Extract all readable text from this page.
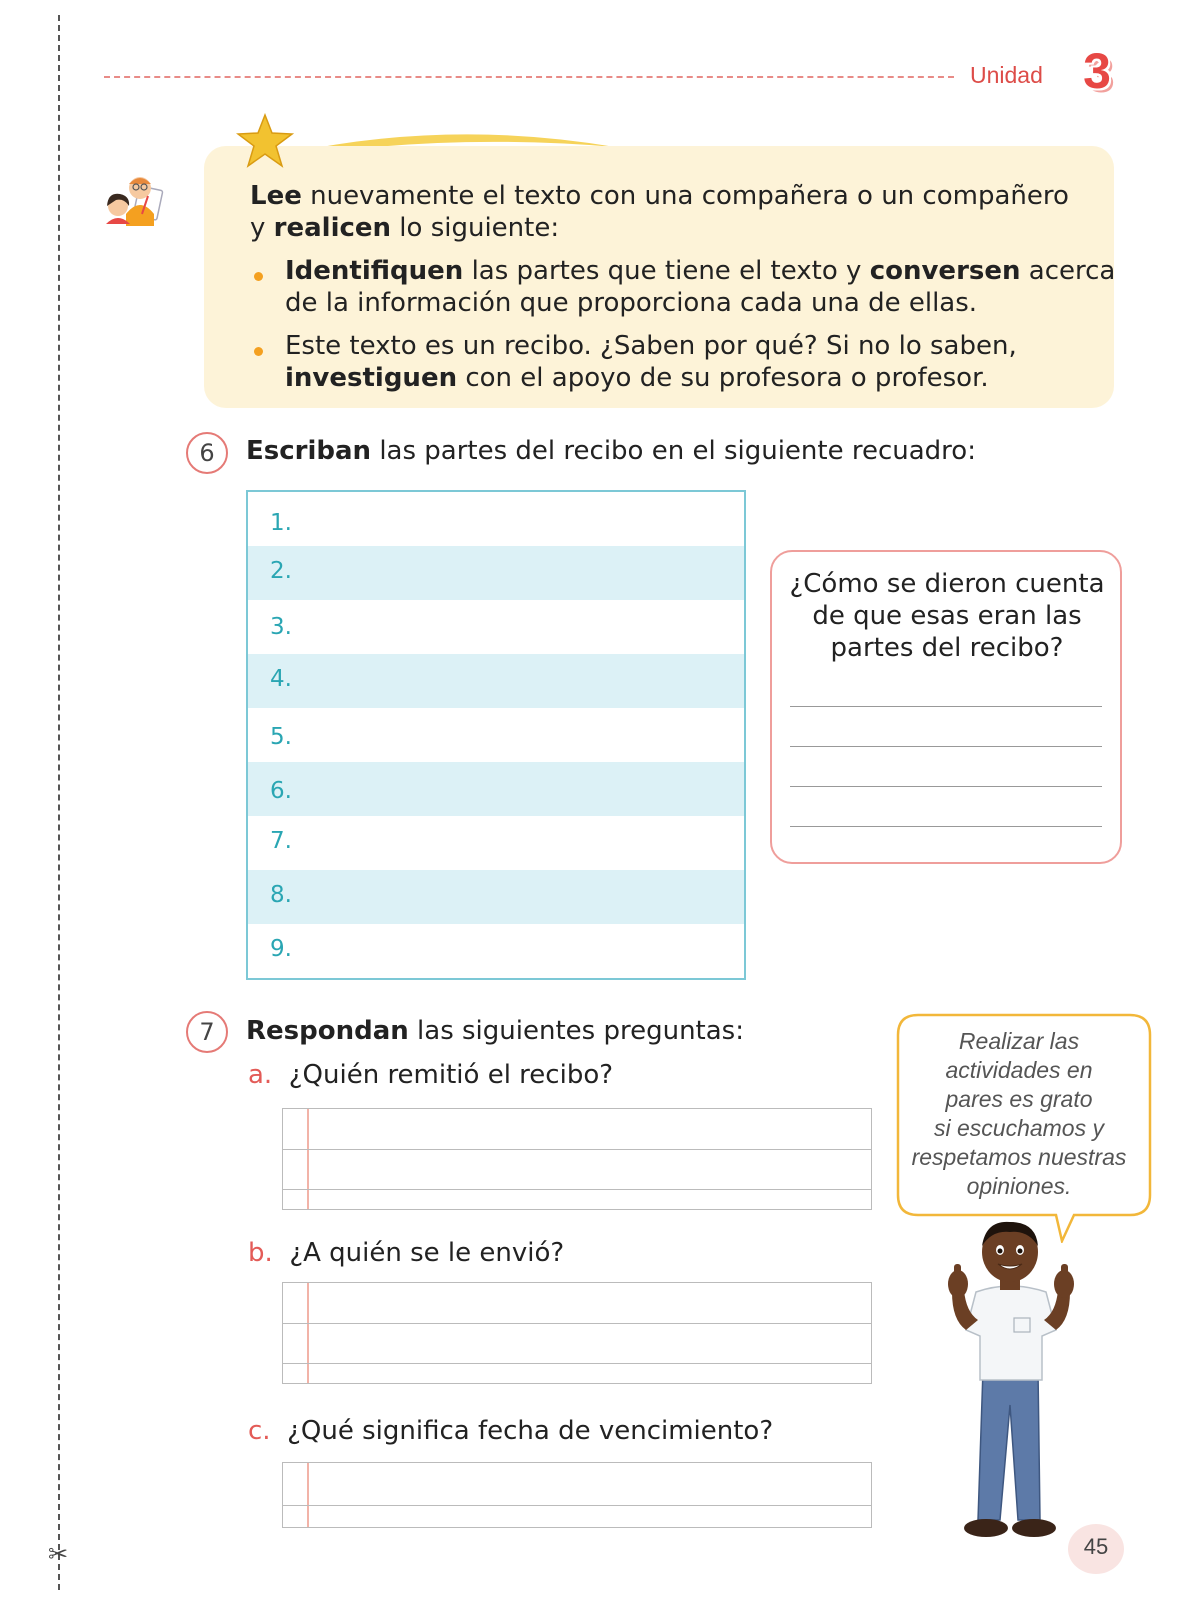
✂
Unidad 3
Lee nuevamente el texto con una compañera o un compañero
y realicen lo siguiente:
Identifiquen las partes que tiene el texto y conversen acerca
de la información que proporciona cada una de ellas.
Este texto es un recibo. ¿Saben por qué? Si no lo saben,
investiguen con el apoyo de su profesora o profesor.
6	Escriban las partes del recibo en el siguiente recuadro:
1.
2.
3.
4.
5.
6.
7.
8.
9.
¿Cómo se dieron cuenta de que esas eran las partes del recibo?
7	Respondan las siguientes preguntas:
a. ¿Quién remitió el recibo?
b. ¿A quién se le envió?
c. ¿Qué significa fecha de vencimiento?
Realizar las
actividades en
pares es grato
si escuchamos y
respetamos nuestras
opiniones.
45
